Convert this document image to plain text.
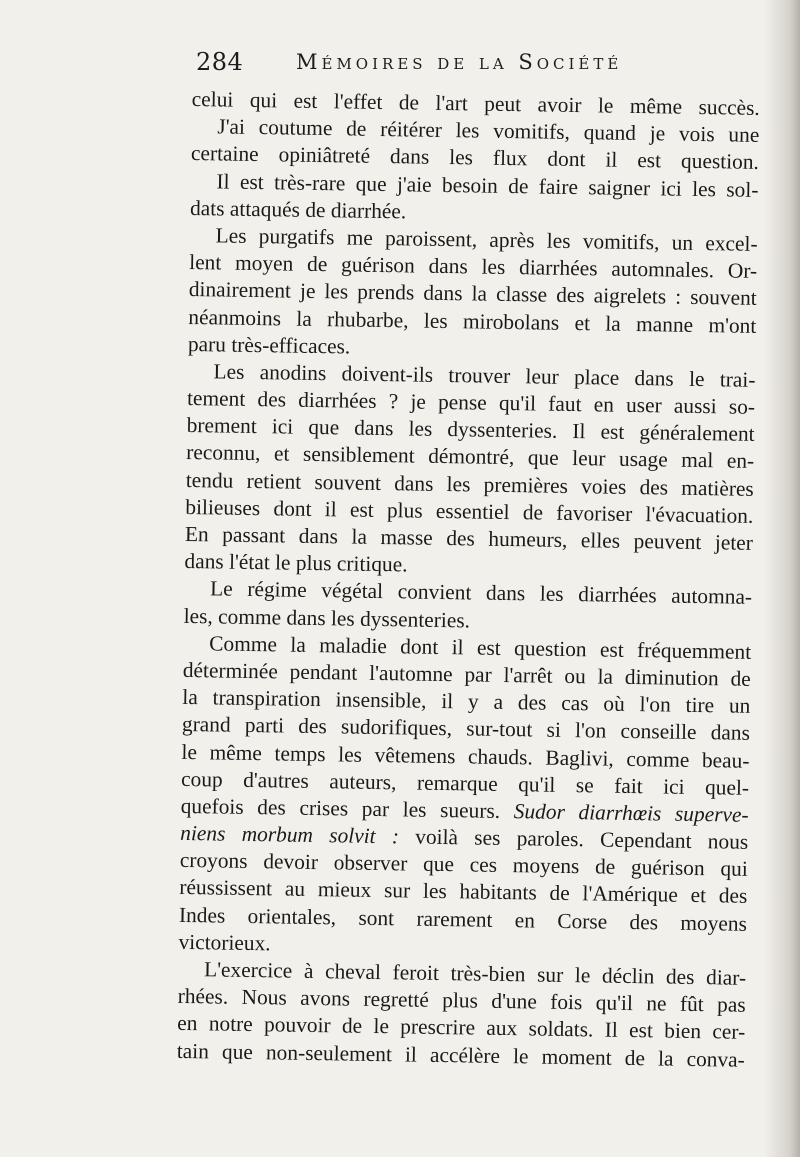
284	Mémoires de la Société
celui qui est l'effet de l'art peut avoir le même succès.
J'ai coutume de réitérer les vomitifs, quand je vois une
certaine opiniâtreté dans les flux dont il est question.
Il est très-rare que j'aie besoin de faire saigner ici les sol-
dats attaqués de diarrhée.
Les purgatifs me paroissent, après les vomitifs, un excel-
lent moyen de guérison dans les diarrhées automnales. Or-
dinairement je les prends dans la classe des aigrelets : souvent
néanmoins la rhubarbe, les mirobolans et la manne m'ont
paru très-efficaces.
Les anodins doivent-ils trouver leur place dans le trai-
tement des diarrhées ? je pense qu'il faut en user aussi so-
brement ici que dans les dyssenteries. Il est généralement
reconnu, et sensiblement démontré, que leur usage mal en-
tendu retient souvent dans les premières voies des matières
bilieuses dont il est plus essentiel de favoriser l'évacuation.
En passant dans la masse des humeurs, elles peuvent jeter
dans l'état le plus critique.
Le régime végétal convient dans les diarrhées automna-
les, comme dans les dyssenteries.
Comme la maladie dont il est question est fréquemment
déterminée pendant l'automne par l'arrêt ou la diminution de
la transpiration insensible, il y a des cas où l'on tire un
grand parti des sudorifiques, sur-tout si l'on conseille dans
le même temps les vêtemens chauds. Baglivi, comme beau-
coup d'autres auteurs, remarque qu'il se fait ici quel-
quefois des crises par les sueurs. Sudor diarrhœis superve-
niens morbum solvit : voilà ses paroles. Cependant nous
croyons devoir observer que ces moyens de guérison qui
réussissent au mieux sur les habitants de l'Amérique et des
Indes orientales, sont rarement en Corse des moyens
victorieux.
L'exercice à cheval feroit très-bien sur le déclin des diar-
rhées. Nous avons regretté plus d'une fois qu'il ne fût pas
en notre pouvoir de le prescrire aux soldats. Il est bien cer-
tain que non-seulement il accélère le moment de la conva-
